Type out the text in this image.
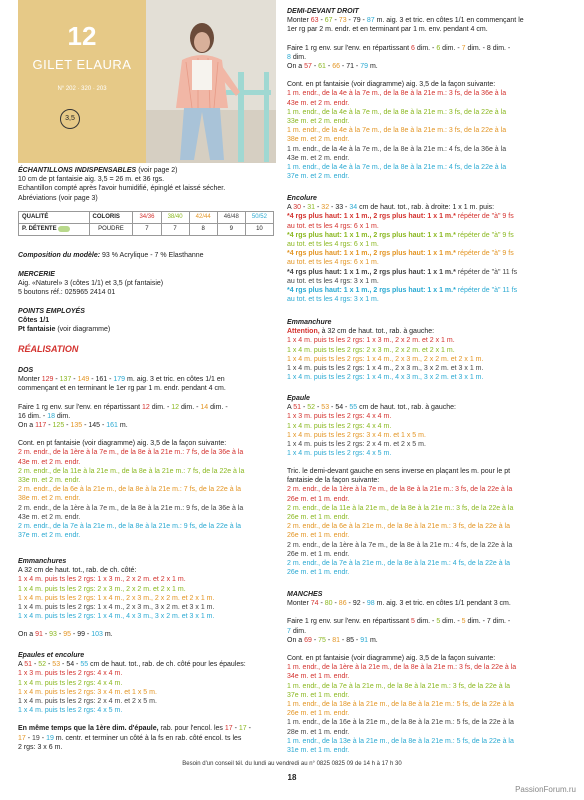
12
GILET ELAURA
N° 202 · 320 · 203
3,5

ÉCHANTILLONS INDISPENSABLES (voir page 2)

10 cm de pt fantaisie aig. 3,5 = 26 m. et 36 rgs.

Echantillon compté après l'avoir humidifié, épinglé et laissé sécher.

Abréviations (voir page 3)

QUALITÉ	COLORIS	34/36	38/40	42/44	46/48	50/52
P. DÉTENTE	POUDRE	7	7	8	9	10

Composition du modèle: 93 % Acrylique - 7 % Elasthanne

MERCERIE

Aig. «Naturel» 3 (côtes 1/1) et 3,5 (pt fantaisie)

5 boutons réf.: 025965 2414 01

POINTS EMPLOYÉS

Côtes 1/1

Pt fantaisie (voir diagramme)

RÉALISATION

DOS

Monter 129 - 137 - 149 - 161 - 179 m. aig. 3 et tric. en côtes 1/1 en

commençant et en terminant le 1er rg par 1 m. endr. pendant 4 cm.

Faire 1 rg env. sur l'env. en répartissant 12 dim. - 12 dim. - 14 dim. -

16 dim. - 18 dim.

On a 117 - 125 - 135 - 145 - 161 m.

Cont. en pt fantaisie (voir diagramme) aig. 3,5 de la façon suivante:

2 m. endr., de la 1ère à la 7e m., de la 8e à la 21e m.: 7 fs, de la 36e à la

43e m. et 2 m. endr.

2 m. endr., de la 11e à la 21e m., de la 8e à la 21e m.: 7 fs, de la 22e à la

33e m. et 2 m. endr.

2 m. endr., de la 6e à la 21e m., de la 8e à la 21e m.: 7 fs, de la 22e à la

38e m. et 2 m. endr.

2 m. endr., de la 1ère à la 7e m., de la 8e à la 21e m.: 9 fs, de la 36e à la

43e m. et 2 m. endr.

2 m. endr., de la 7e à la 21e m., de la 8e à la 21e m.: 9 fs, de la 22e à la

37e m. et 2 m. endr.

Emmanchures

A 32 cm de haut. tot., rab. de ch. côté:

1 x 4 m. puis ts les 2 rgs: 1 x 3 m., 2 x 2 m. et 2 x 1 m.

1 x 4 m. puis ts les 2 rgs: 2 x 3 m., 2 x 2 m. et 2 x 1 m.

1 x 4 m. puis ts les 2 rgs: 1 x 4 m., 2 x 3 m., 2 x 2 m. et 2 x 1 m.

1 x 4 m. puis ts les 2 rgs: 1 x 4 m., 2 x 3 m., 3 x 2 m. et 3 x 1 m.

1 x 4 m. puis ts les 2 rgs: 1 x 4 m., 4 x 3 m., 3 x 2 m. et 3 x 1 m.

On a 91 - 93 - 95 - 99 - 103 m.

Epaules et encolure

A 51 - 52 - 53 - 54 - 55 cm de haut. tot., rab. de ch. côté pour les épaules:

1 x 3 m. puis ts les 2 rgs: 4 x 4 m.

1 x 4 m. puis ts les 2 rgs: 4 x 4 m.

1 x 4 m. puis ts les 2 rgs: 3 x 4 m. et 1 x 5 m.

1 x 4 m. puis ts les 2 rgs: 2 x 4 m. et 2 x 5 m.

1 x 4 m. puis ts les 2 rgs: 4 x 5 m.

En même temps que la 1ère dim. d'épaule, rab. pour l'encol. les 17 - 17 -

17 - 19 - 19 m. centr. et terminer un côté à la fs en rab. côté encol. ts les

2 rgs: 3 x 6 m.

DEMI-DEVANT DROIT

Monter 63 - 67 - 73 - 79 - 87 m. aig. 3 et tric. en côtes 1/1 en commençant le

1er rg par 2 m. endr. et en terminant par 1 m. env. pendant 4 cm.

Faire 1 rg env. sur l'env. en répartissant 6 dim. - 6 dim. - 7 dim. - 8 dim. -

8 dim.

On a 57 - 61 - 66 - 71 - 79 m.

Cont. en pt fantaisie (voir diagramme) aig. 3,5 de la façon suivante:

1 m. endr., de la 4e à la 7e m., de la 8e à la 21e m.: 3 fs, de la 36e à la

43e m. et 2 m. endr.

1 m. endr., de la 4e à la 7e m., de la 8e à la 21e m.: 3 fs, de la 22e à la

33e m. et 2 m. endr.

1 m. endr., de la 4e à la 7e m., de la 8e à la 21e m.: 3 fs, de la 22e à la

38e m. et 2 m. endr.

1 m. endr., de la 4e à la 7e m., de la 8e à la 21e m.: 4 fs, de la 36e à la

43e m. et 2 m. endr.

1 m. endr., de la 4e à la 7e m., de la 8e à la 21e m.: 4 fs, de la 22e à la

37e m. et 2 m. endr.

Encolure

A 30 - 31 - 32 - 33 - 34 cm de haut. tot., rab. à droite: 1 x 1 m. puis:

*4 rgs plus haut: 1 x 1 m., 2 rgs plus haut: 1 x 1 m.* répéter de "à" 9 fs

au tot. et ts les 4 rgs: 6 x 1 m.

*4 rgs plus haut: 1 x 1 m., 2 rgs plus haut: 1 x 1 m.* répéter de "à" 9 fs

au tot. et ts les 4 rgs: 6 x 1 m.

*4 rgs plus haut: 1 x 1 m., 2 rgs plus haut: 1 x 1 m.* répéter de "à" 9 fs

au tot. et ts les 4 rgs: 6 x 1 m.

*4 rgs plus haut: 1 x 1 m., 2 rgs plus haut: 1 x 1 m.* répéter de "à" 11 fs

au tot. et ts les 4 rgs: 3 x 1 m.

*4 rgs plus haut: 1 x 1 m., 2 rgs plus haut: 1 x 1 m.* répéter de "à" 11 fs

au tot. et ts les 4 rgs: 3 x 1 m.

Emmanchure

Attention, à 32 cm de haut. tot., rab. à gauche:

1 x 4 m. puis ts les 2 rgs: 1 x 3 m., 2 x 2 m. et 2 x 1 m.

1 x 4 m. puis ts les 2 rgs: 2 x 3 m., 2 x 2 m. et 2 x 1 m.

1 x 4 m. puis ts les 2 rgs: 1 x 4 m., 2 x 3 m., 2 x 2 m. et 2 x 1 m.

1 x 4 m. puis ts les 2 rgs: 1 x 4 m., 2 x 3 m., 3 x 2 m. et 3 x 1 m.

1 x 4 m. puis ts les 2 rgs: 1 x 4 m., 4 x 3 m., 3 x 2 m. et 3 x 1 m.

Epaule

A 51 - 52 - 53 - 54 - 55 cm de haut. tot., rab. à gauche:

1 x 3 m. puis ts les 2 rgs: 4 x 4 m.

1 x 4 m. puis ts les 2 rgs: 4 x 4 m.

1 x 4 m. puis ts les 2 rgs: 3 x 4 m. et 1 x 5 m.

1 x 4 m. puis ts les 2 rgs: 2 x 4 m. et 2 x 5 m.

1 x 4 m. puis ts les 2 rgs: 4 x 5 m.

Tric. le demi-devant gauche en sens inverse en plaçant les m. pour le pt

fantaisie de la façon suivante:

2 m. endr., de la 1ère à la 7e m., de la 8e à la 21e m.: 3 fs, de la 22e à la

26e m. et 1 m. endr.

2 m. endr., de la 11e à la 21e m., de la 8e à la 21e m.: 3 fs, de la 22e à la

26e m. et 1 m. endr.

2 m. endr., de la 6e à la 21e m., de la 8e à la 21e m.: 3 fs, de la 22e à la

26e m. et 1 m. endr.

2 m. endr., de la 1ère à la 7e m., de la 8e à la 21e m.: 4 fs, de la 22e à la

26e m. et 1 m. endr.

2 m. endr., de la 7e à la 21e m., de la 8e à la 21e m.: 4 fs, de la 22e à la

26e m. et 1 m. endr.

MANCHES

Monter 74 - 80 - 86 - 92 - 98 m. aig. 3 et tric. en côtes 1/1 pendant 3 cm.

Faire 1 rg env. sur l'env. en répartissant 5 dim. - 5 dim. - 5 dim. - 7 dim. -

7 dim.

On a 69 - 75 - 81 - 85 - 91 m.

Cont. en pt fantaisie (voir diagramme) aig. 3,5 de la façon suivante:

1 m. endr., de la 1ère à la 21e m., de la 8e à la 21e m.: 3 fs, de la 22e à la

34e m. et 1 m. endr.

1 m. endr., de la 7e à la 21e m., de la 8e à la 21e m.: 3 fs, de la 22e à la

37e m. et 1 m. endr.

1 m. endr., de la 18e à la 21e m., de la 8e à la 21e m.: 5 fs, de la 22e à la

26e m. et 1 m. endr.

1 m. endr., de la 16e à la 21e m., de la 8e à la 21e m.: 5 fs, de la 22e à la

28e m. et 1 m. endr.

1 m. endr., de la 13e à la 21e m., de la 8e à la 21e m.: 5 fs, de la 22e à la

31e m. et 1 m. endr.

Besoin d'un conseil tél. du lundi au vendredi au n° 0825 0825 09 de 14 h à 17 h 30
18
PassionForum.ru
